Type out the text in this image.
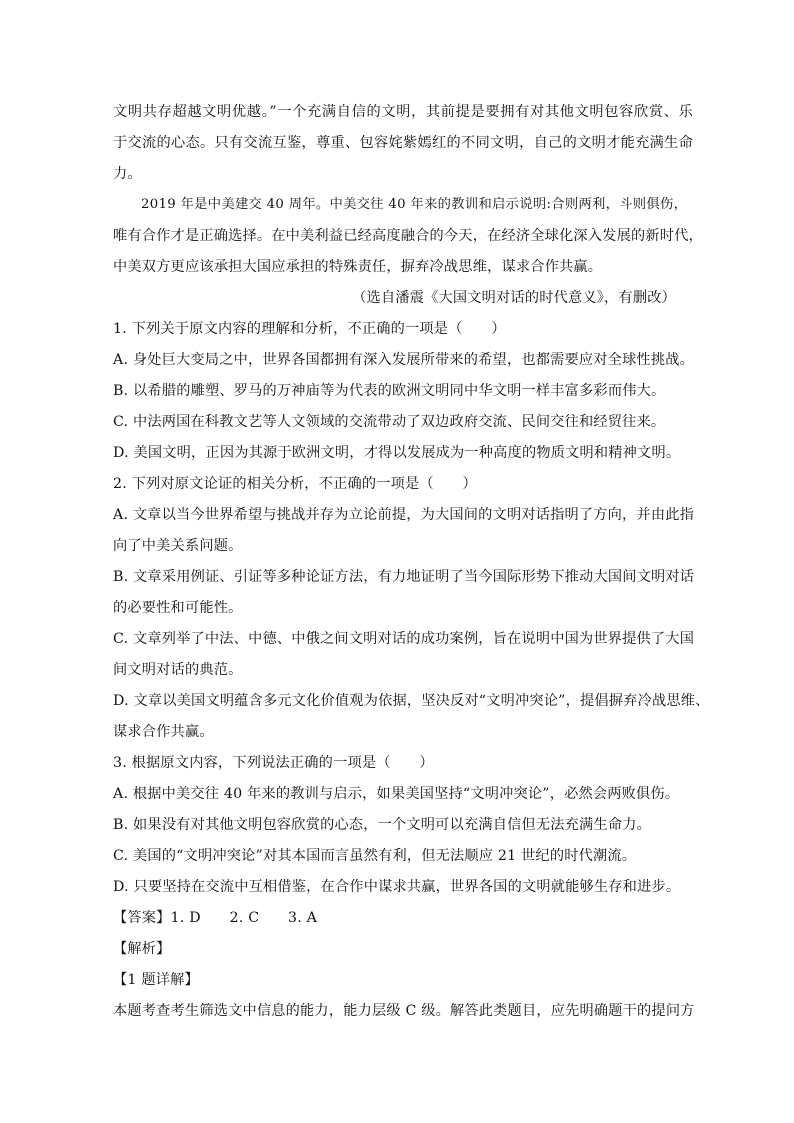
文明共存超越文明优越。”一个充满自信的文明，其前提是要拥有对其他文明包容欣赏、乐
于交流的心态。只有交流互鉴，尊重、包容姹紫嫣红的不同文明，自己的文明才能充满生命
力。
2019 年是中美建交 40 周年。中美交往 40 年来的教训和启示说明:合则两利，斗则俱伤，
唯有合作才是正确选择。在中美利益已经高度融合的今天，在经济全球化深入发展的新时代，
中美双方更应该承担大国应承担的特殊责任，摒弃冷战思维，谋求合作共赢。
（选自潘震《大国文明对话的时代意义》，有删改）
1. 下列关于原文内容的理解和分析，不正确的一项是（　　）
A. 身处巨大变局之中，世界各国都拥有深入发展所带来的希望，也都需要应对全球性挑战。
B. 以希腊的雕塑、罗马的万神庙等为代表的欧洲文明同中华文明一样丰富多彩而伟大。
C. 中法两国在科教文艺等人文领域的交流带动了双边政府交流、民间交往和经贸往来。
D. 美国文明，正因为其源于欧洲文明，才得以发展成为一种高度的物质文明和精神文明。
2. 下列对原文论证的相关分析，不正确的一项是（　　）
A. 文章以当今世界希望与挑战并存为立论前提，为大国间的文明对话指明了方向，并由此指
向了中美关系问题。
B. 文章采用例证、引证等多种论证方法，有力地证明了当今国际形势下推动大国间文明对话
的必要性和可能性。
C. 文章列举了中法、中德、中俄之间文明对话的成功案例，旨在说明中国为世界提供了大国
间文明对话的典范。
D. 文章以美国文明蕴含多元文化价值观为依据，坚决反对“文明冲突论”，提倡摒弃冷战思维、
谋求合作共赢。
3. 根据原文内容，下列说法正确的一项是（　　）
A. 根据中美交往 40 年来的教训与启示，如果美国坚持“文明冲突论”，必然会两败俱伤。
B. 如果没有对其他文明包容欣赏的心态，一个文明可以充满自信但无法充满生命力。
C. 美国的“文明冲突论”对其本国而言虽然有利，但无法顺应 21 世纪的时代潮流。
D. 只要坚持在交流中互相借鉴，在合作中谋求共赢，世界各国的文明就能够生存和进步。
【答案】1. D　　2. C　　3. A
【解析】
【1 题详解】
本题考查考生筛选文中信息的能力，能力层级 C 级。解答此类题目，应先明确题干的提问方
